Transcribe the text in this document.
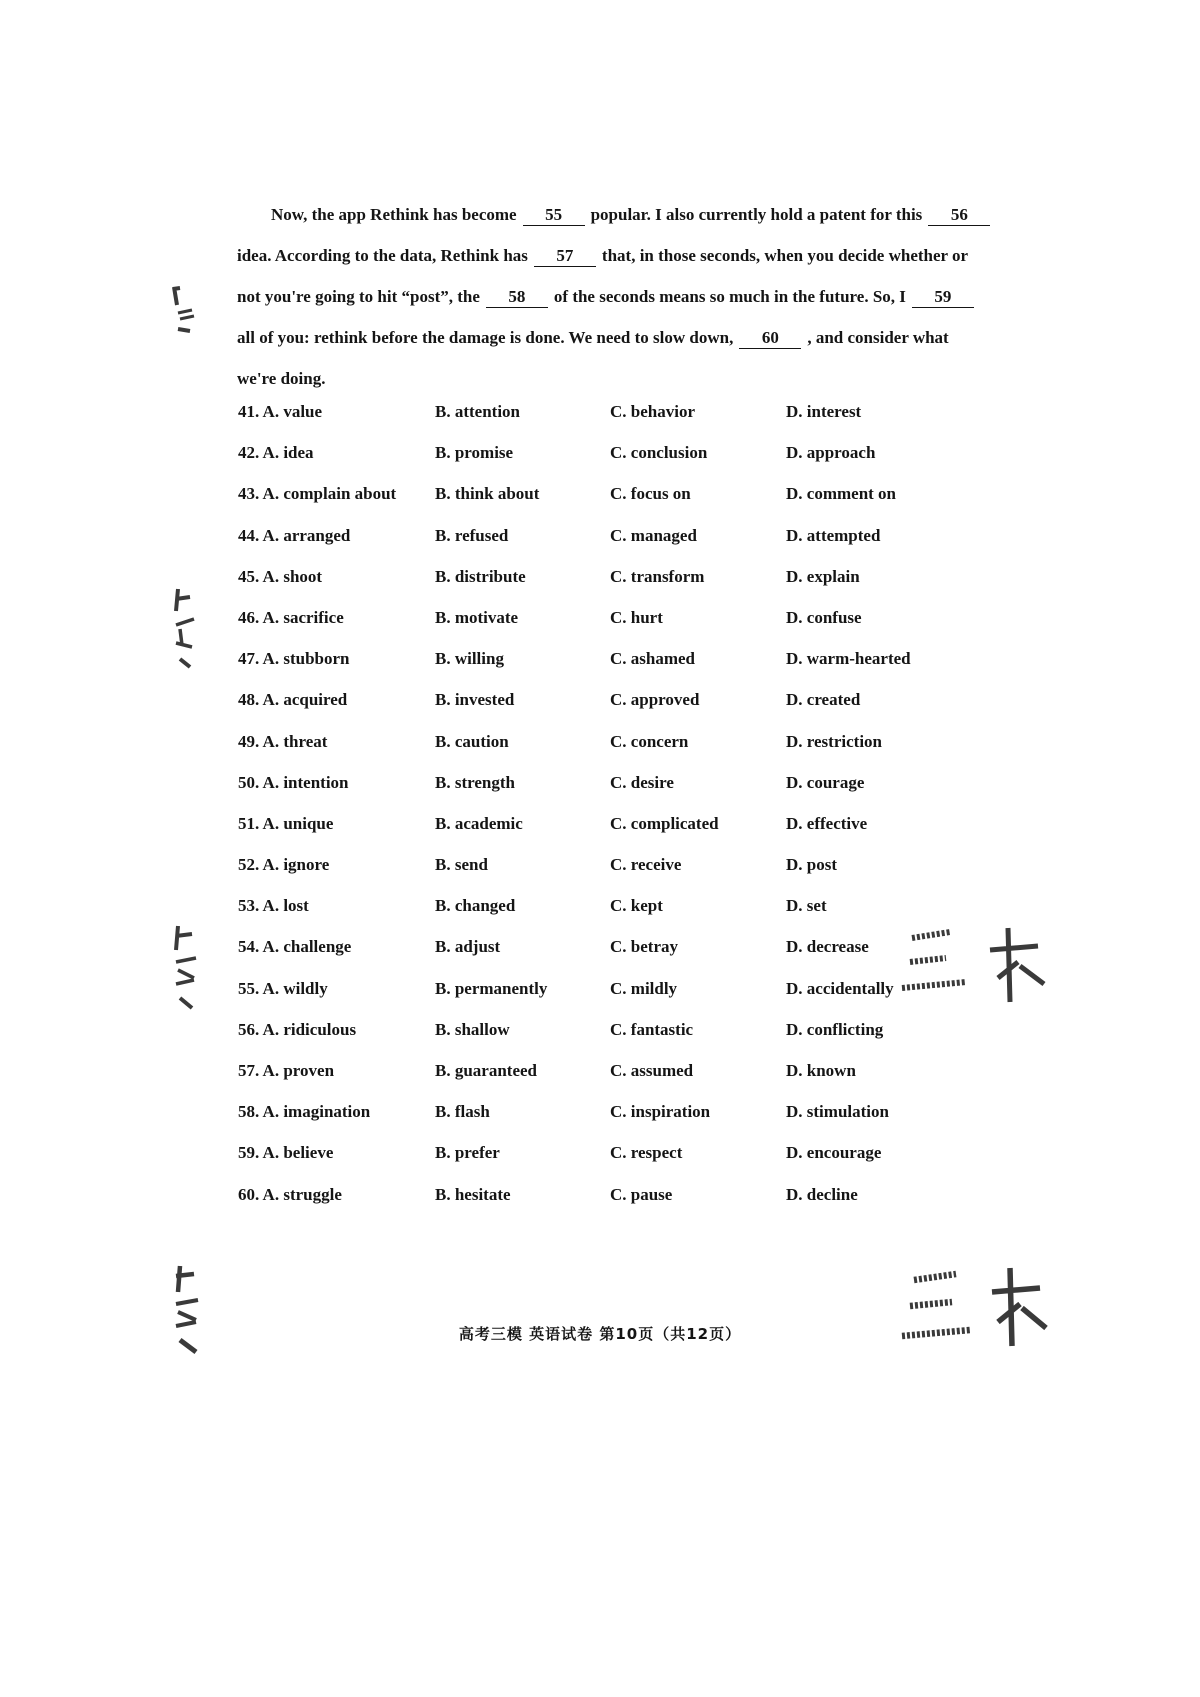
Now, the app Rethink has become 55 popular. I also currently hold a patent for this 56
idea. According to the data, Rethink has 57 that, in those seconds, when you decide whether or
not you're going to hit “post”, the 58 of the seconds means so much in the future. So, I 59
all of you: rethink before the damage is done. We need to slow down, 60 , and consider what
we're doing.
41. A. value	B. attention	C. behavior	D. interest
42. A. idea	B. promise	C. conclusion	D. approach
43. A. complain about B. think about	C. focus on	D. comment on
44. A. arranged	B. refused	C. managed	D. attempted
45. A. shoot	B. distribute	C. transform	D. explain
46. A. sacrifice	B. motivate	C. hurt	D. confuse
47. A. stubborn	B. willing	C. ashamed	D. warm-hearted
48. A. acquired	B. invested	C. approved	D. created
49. A. threat	B. caution	C. concern	D. restriction
50. A. intention	B. strength	C. desire	D. courage
51. A. unique	B. academic	C. complicated	D. effective
52. A. ignore	B. send	C. receive	D. post
53. A. lost	B. changed	C. kept	D. set
54. A. challenge	B. adjust	C. betray	D. decrease
55. A. wildly	B. permanently	C. mildly	D. accidentally
56. A. ridiculous	B. shallow	C. fantastic	D. conflicting
57. A. proven	B. guaranteed	C. assumed	D. known
58. A. imagination	B. flash	C. inspiration	D. stimulation
59. A. believe	B. prefer	C. respect	D. encourage
60. A. struggle	B. hesitate	C. pause	D. decline
高考三模 英语试卷 第10页（共12页）
